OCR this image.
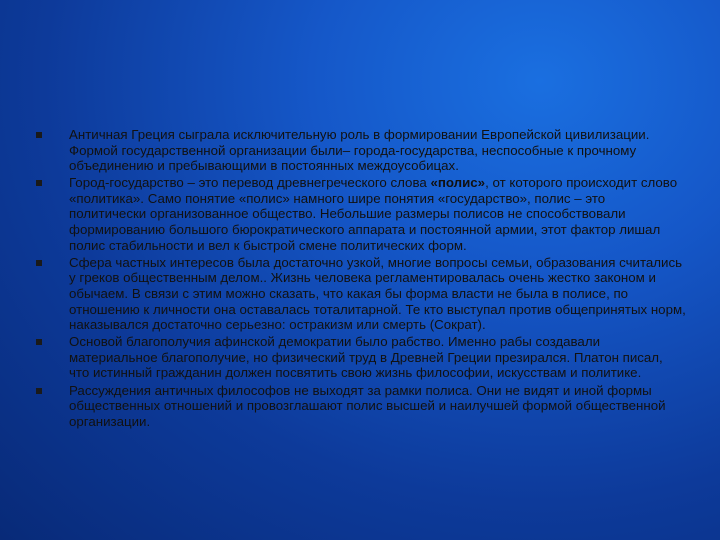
Античная Греция сыграла исключительную роль в формировании Европейской цивилизации. Формой государственной организации были– города-государства, неспособные к прочному объединению и пребывающими в постоянных междоусобицах.
Город-государство – это перевод древнегреческого слова «полис», от которого происходит слово «политика». Само понятие «полис» намного шире понятия «государство», полис – это политически организованное общество. Небольшие размеры полисов не способствовали формированию большого бюрократического аппарата и постоянной армии, этот фактор лишал полис стабильности и вел к быстрой смене политических форм.
Сфера частных интересов была достаточно узкой, многие вопросы семьи, образования считались у греков общественным делом.. Жизнь человека регламентировалась очень жестко законом и обычаем. В связи с этим можно сказать, что какая бы форма власти не была в полисе, по отношению к личности она оставалась тоталитарной. Те кто выступал против общепринятых норм, наказывался достаточно серьезно: остракизм или смерть (Сократ).
Основой благополучия афинской демократии было рабство. Именно рабы создавали материальное благополучие, но физический труд в Древней Греции презирался. Платон писал, что истинный гражданин должен посвятить свою жизнь философии, искусствам и политике.
Рассуждения античных философов не выходят за рамки полиса. Они не видят и иной формы общественных отношений и провозглашают полис высшей и наилучшей формой общественной организации.
